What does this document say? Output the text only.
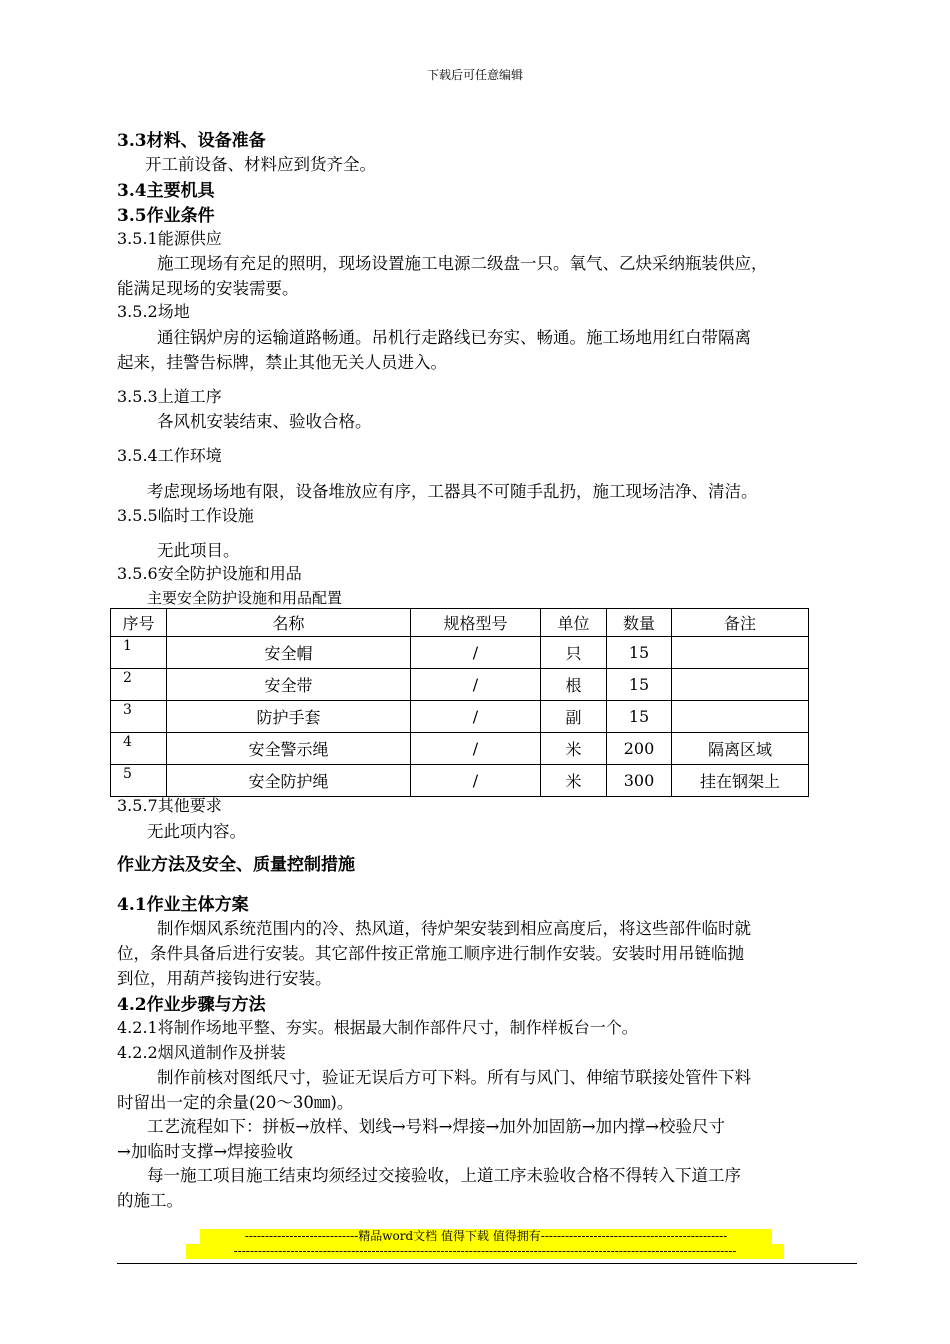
下载后可任意编辑
3.3材料、设备准备
开工前设备、材料应到货齐全。
3.4主要机具
3.5作业条件
3.5.1能源供应
施工现场有充足的照明，现场设置施工电源二级盘一只。氧气、乙炔采纳瓶装供应，
能满足现场的安装需要。
3.5.2场地
通往锅炉房的运输道路畅通。吊机行走路线已夯实、畅通。施工场地用红白带隔离
起来，挂警告标牌，禁止其他无关人员进入。
3.5.3上道工序
各风机安装结束、验收合格。
3.5.4工作环境
考虑现场场地有限，设备堆放应有序，工器具不可随手乱扔，施工现场洁净、清洁。
3.5.5临时工作设施
无此项目。
3.5.6安全防护设施和用品
主要安全防护设施和用品配置
序号	名称	规格型号	单位	数量	备注
1	安全帽	/	只	15	
2	安全带	/	根	15	
3	防护手套	/	副	15	
4	安全警示绳	/	米	200	隔离区域
5	安全防护绳	/	米	300	挂在钢架上
3.5.7其他要求
无此项内容。
作业方法及安全、质量控制措施
4.1作业主体方案
制作烟风系统范围内的冷、热风道，待炉架安装到相应高度后，将这些部件临时就
位，条件具备后进行安装。其它部件按正常施工顺序进行制作安装。安装时用吊链临抛
到位，用葫芦接钩进行安装。
4.2作业步骤与方法
4.2.1将制作场地平整、夯实。根据最大制作部件尺寸，制作样板台一个。
4.2.2烟风道制作及拼装
制作前核对图纸尺寸，验证无误后方可下料。所有与风门、伸缩节联接处管件下料
时留出一定的余量(20～30㎜)。
工艺流程如下：拼板→放样、划线→号料→焊接→加外加固筋→加内撑→校验尺寸
→加临时支撑→焊接验收
每一施工项目施工结束均须经过交接验收，上道工序未验收合格不得转入下道工序
的施工。
----------------------------精品word文档 值得下载 值得拥有----------------------------------------------
----------------------------------------------------------------------------------------------------------------------------
